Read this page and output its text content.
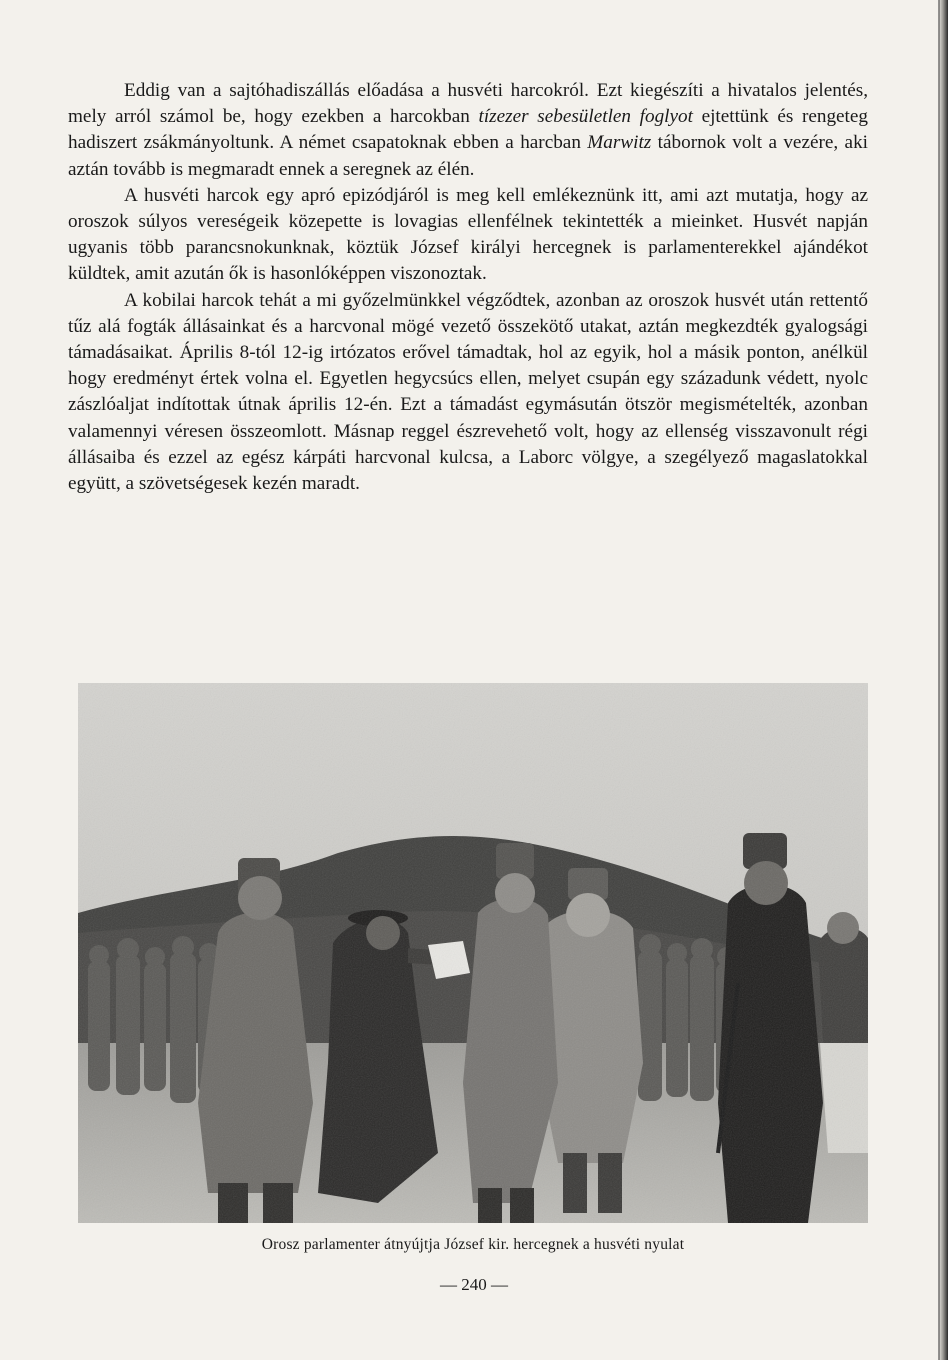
Eddig van a sajtóhadiszállás előadása a husvéti harcokról. Ezt kiegészíti a hivatalos jelentés, mely arról számol be, hogy ezekben a harcokban tízezer sebesületlen foglyot ejtettünk és rengeteg hadiszert zsákmányoltunk. A német csapatoknak ebben a harcban Marwitz tábornok volt a vezére, aki aztán tovább is megmaradt ennek a seregnek az élén.

A husvéti harcok egy apró epizódjáról is meg kell emlékeznünk itt, ami azt mutatja, hogy az oroszok súlyos vereségeik közepette is lovagias ellenfélnek tekintették a mieinket. Husvét napján ugyanis több parancsnokunknak, köztük József királyi hercegnek is parlamenterekkel ajándékot küldtek, amit azután ők is hasonlóképpen viszonoztak.

A kobilai harcok tehát a mi győzelmünkkel végződtek, azonban az oroszok husvét után rettentő tűz alá fogták állásainkat és a harcvonal mögé vezető összekötő utakat, aztán megkezdték gyalogsági támadásaikat. Április 8-tól 12-ig irtózatos erővel támadtak, hol az egyik, hol a másik ponton, anélkül hogy eredményt értek volna el. Egyetlen hegycsúcs ellen, melyet csupán egy századunk védett, nyolc zászlóaljat indítottak útnak április 12-én. Ezt a támadást egymásután ötször megismételték, azonban valamennyi véresen összeomlott. Másnap reggel észrevehető volt, hogy az ellenség visszavonult régi állásaiba és ezzel az egész kárpáti harcvonal kulcsa, a Laborc völgye, a szegélyező magaslatokkal együtt, a szövetségesek kezén maradt.

Orosz parlamenter átnyújtja József kir. hercegnek a husvéti nyulat
— 240 —
